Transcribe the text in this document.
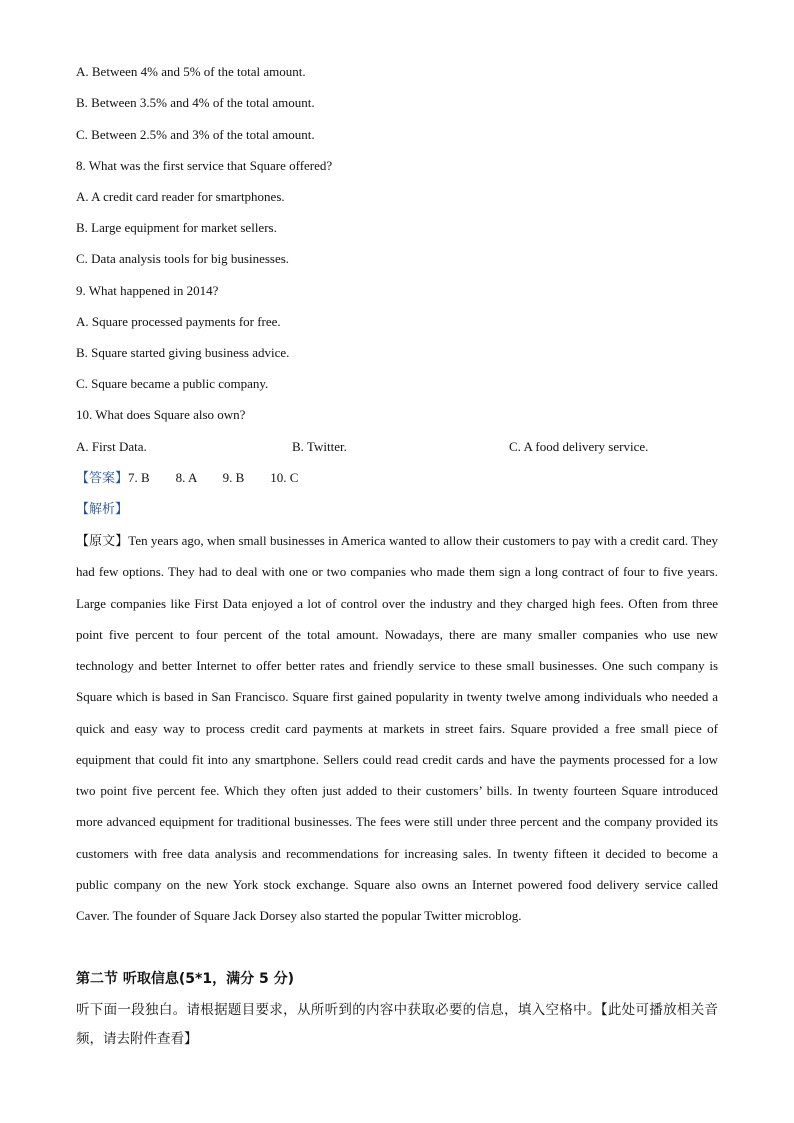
A. Between 4% and 5% of the total amount.
B. Between 3.5% and 4% of the total amount.
C. Between 2.5% and 3% of the total amount.
8. What was the first service that Square offered?
A. A credit card reader for smartphones.
B. Large equipment for market sellers.
C. Data analysis tools for big businesses.
9. What happened in 2014?
A. Square processed payments for free.
B. Square started giving business advice.
C. Square became a public company.
10. What does Square also own?
A. First Data.	B. Twitter.	C. A food delivery service.
【答案】7. B        8. A        9. B        10. C
【解析】
【原文】Ten years ago, when small businesses in America wanted to allow their customers to pay with a credit card. They had few options. They had to deal with one or two companies who made them sign a long contract of four to five years. Large companies like First Data enjoyed a lot of control over the industry and they charged high fees. Often from three point five percent to four percent of the total amount. Nowadays, there are many smaller companies who use new technology and better Internet to offer better rates and friendly service to these small businesses. One such company is Square which is based in San Francisco. Square first gained popularity in twenty twelve among individuals who needed a quick and easy way to process credit card payments at markets in street fairs. Square provided a free small piece of equipment that could fit into any smartphone. Sellers could read credit cards and have the payments processed for a low two point five percent fee. Which they often just added to their customers’ bills. In twenty fourteen Square introduced more advanced equipment for traditional businesses. The fees were still under three percent and the company provided its customers with free data analysis and recommendations for increasing sales. In twenty fifteen it decided to become a public company on the new York stock exchange. Square also owns an Internet powered food delivery service called Caver. The founder of Square Jack Dorsey also started the popular Twitter microblog.
第二节 听取信息(5*1，满分 5 分)
听下面一段独白。请根据题目要求，从所听到的内容中获取必要的信息，填入空格中。【此处可播放相关音频，请去附件查看】
